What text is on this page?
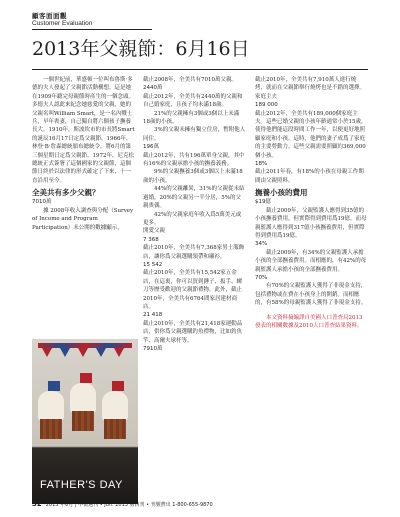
顧客面面觀
Customer Evaluation
2013年父親節：6月16日

一個世紀前，華盛頓一位叫布魯斯·多德的夫人發起了父親節活動構想。這是她在1909年聽完母親節時產生的一個念頭。多德夫人認此來紀念她慈愛的父親，她的父親名叫William Smart，是一名內戰士兵，早年喪妻，自己獨自將六個孩子撫養長大。1910年，斯波坎市的市長將Smart的誕辰16月17日定爲父親節。1966年，林登·B·詹森總統頒布總統令，將6月的第三個星期日定爲父親節。1972年，尼克松總統正式簽署了這個國家的父親節，這個節日終於以法律的形式確定了下來，十一直沿用至今。

全美共有多少父親？
7010萬

據 2008年收入調查與分配（Survey of Income and Program Participation）未公開的數據顯示，

截止2008年，全美共有7010萬父親。

2440萬

截止2012年，全美共有2440萬的父親和自己婚家庭，且孩子均未滿18歲。

21%的父親擁有3個或3個以上未滿18歲的小孩。

3%的父親未擁有獨立住房，暫附他人同住。

196萬

截止2012年，共有196萬單身父親，其中有16%的父親承擔小孩的撫養義務。

9%的父親撫養3個或3個以上未滿18歲的小孩。

44%的父親離異，31%的父親從未結過婚，20%的父親另一半分居，5%的父親喪偶。

42%的父親家庭年收入爲5萬美元或更多。

開愛父親
7 368

截止2010年，全美共有7,368家男士服飾店，讓你爲父親選購領帶和襯衫。

15 542

截止2010年，全美共有15,542家五金店，在這裏，你可以買到錘子、扳手、螺刀等歷受歡迎的父親節禮物。此外，截止2010年，全美共有6764間家居建材商店。

21 418

截止2010年，全美共有21,418家運動品店，供你爲父親選購釣魚禮物，比如釣魚竿、高爾夫球杆等。

7910萬

截止2010年，全美共有7,910萬人進行燒烤，就而在父親節舉行燒烤也是不錯的選擇。

家庭主夫
189 000

截止2012年，全美共有189,000個家庭主夫。這些已婚父親的小孩年齡通常小於15歲，使得他們能這段時間工作一年，以便更好地照顧家庭和小孩。這時，他們的妻子成爲了家庭的主要勞動力。這些父親需要照顧約369,000個小孩。

18%

截止2011年春，有18%的小孩在母親工作期間由父親照料。

撫養小孩的費用
$19億

截止2009年，父親監護人應得到35億的小孩撫養費用，但實際得到費用爲19億。而母親監護人應得到317億小孩撫養費用，但實際得到費用爲19億。

34%

截止2009年，有34%的父親監護人承擔小孩的全部撫養費用。而相應的，有42%的母親監護人承擔小孩的全部撫養費用。

70%

有70%的父親監護人獲得了非現金支持，包括禮物或在費在小孩身上的開銷。而相應的，有58%的母親監護人獲得了非現金支持。

本文資料摘編譯自美國人口普查局2013發表的相關數據及2010人口普查結果資料。

FATHER'S DAY
32 2013 年6月 | 中報週刊 • Jun. 2013 第四刊 • 刊號費出 1-800-655-9870
